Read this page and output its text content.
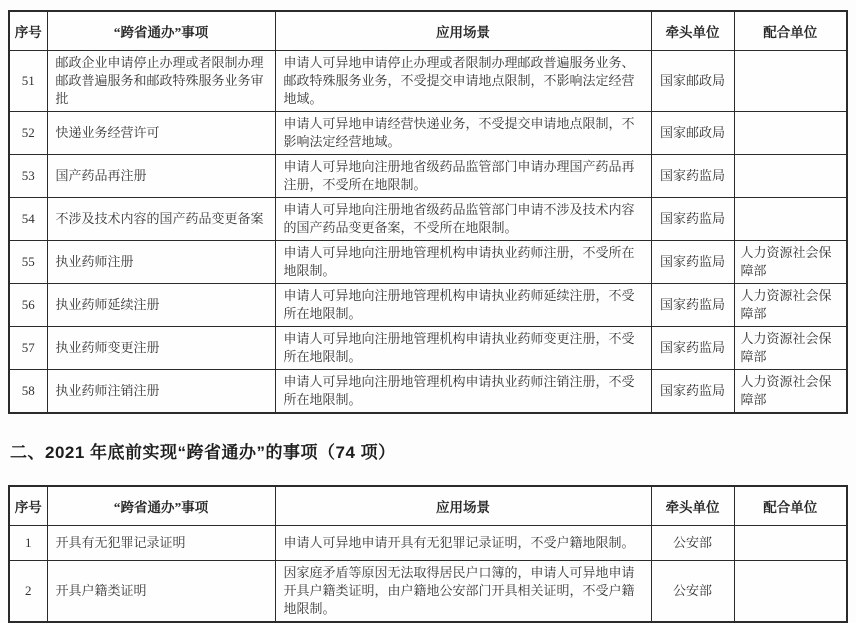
序号	“跨省通办”事项	应用场景	牵头单位	配合单位
51	邮政企业申请停止办理或者限制办理邮政普遍服务和邮政特殊服务业务审批	申请人可异地申请停止办理或者限制办理邮政普遍服务业务、邮政特殊服务业务，不受提交申请地点限制，不影响法定经营地域。	国家邮政局	
52	快递业务经营许可	申请人可异地申请经营快递业务，不受提交申请地点限制，不影响法定经营地域。	国家邮政局	
53	国产药品再注册	申请人可异地向注册地省级药品监管部门申请办理国产药品再注册，不受所在地限制。	国家药监局	
54	不涉及技术内容的国产药品变更备案	申请人可异地向注册地省级药品监管部门申请不涉及技术内容的国产药品变更备案，不受所在地限制。	国家药监局	
55	执业药师注册	申请人可异地向注册地管理机构申请执业药师注册，不受所在地限制。	国家药监局	人力资源社会保障部
56	执业药师延续注册	申请人可异地向注册地管理机构申请执业药师延续注册，不受所在地限制。	国家药监局	人力资源社会保障部
57	执业药师变更注册	申请人可异地向注册地管理机构申请执业药师变更注册，不受所在地限制。	国家药监局	人力资源社会保障部
58	执业药师注销注册	申请人可异地向注册地管理机构申请执业药师注销注册，不受所在地限制。	国家药监局	人力资源社会保障部
二、2021 年底前实现“跨省通办”的事项（74 项）
序号	“跨省通办”事项	应用场景	牵头单位	配合单位
1	开具有无犯罪记录证明	申请人可异地申请开具有无犯罪记录证明，不受户籍地限制。	公安部	
2	开具户籍类证明	因家庭矛盾等原因无法取得居民户口簿的，申请人可异地申请开具户籍类证明，由户籍地公安部门开具相关证明，不受户籍地限制。	公安部	
